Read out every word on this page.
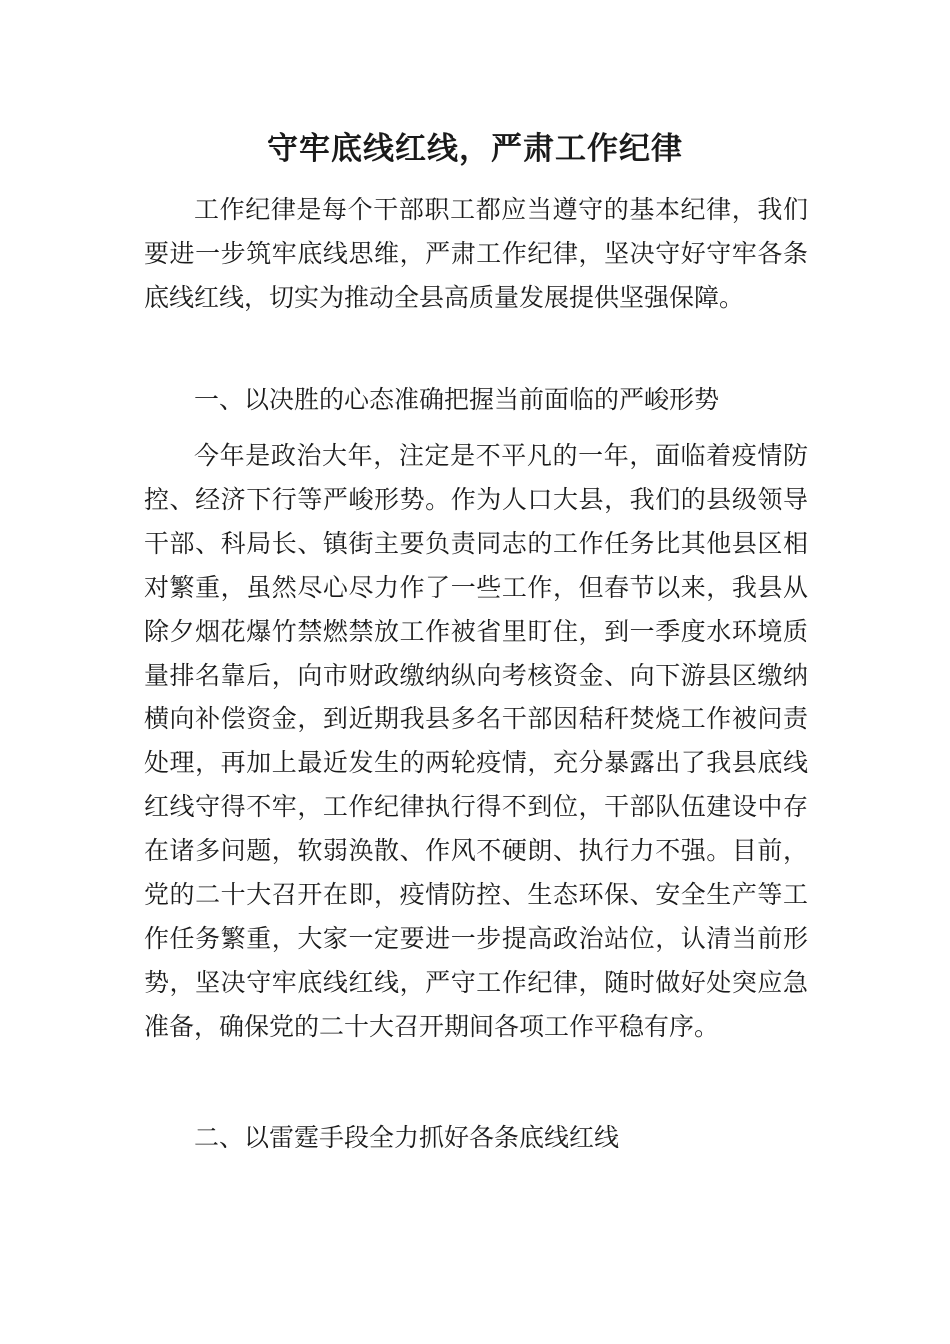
守牢底线红线，严肃工作纪律

工作纪律是每个干部职工都应当遵守的基本纪律，我们要进一步筑牢底线思维，严肃工作纪律，坚决守好守牢各条底线红线，切实为推动全县高质量发展提供坚强保障。

一、以决胜的心态准确把握当前面临的严峻形势

今年是政治大年，注定是不平凡的一年，面临着疫情防控、经济下行等严峻形势。作为人口大县，我们的县级领导干部、科局长、镇街主要负责同志的工作任务比其他县区相对繁重，虽然尽心尽力作了一些工作，但春节以来，我县从除夕烟花爆竹禁燃禁放工作被省里盯住，到一季度水环境质量排名靠后，向市财政缴纳纵向考核资金、向下游县区缴纳横向补偿资金，到近期我县多名干部因秸秆焚烧工作被问责处理，再加上最近发生的两轮疫情，充分暴露出了我县底线红线守得不牢，工作纪律执行得不到位，干部队伍建设中存在诸多问题，软弱涣散、作风不硬朗、执行力不强。目前，党的二十大召开在即，疫情防控、生态环保、安全生产等工作任务繁重，大家一定要进一步提高政治站位，认清当前形势，坚决守牢底线红线，严守工作纪律，随时做好处突应急准备，确保党的二十大召开期间各项工作平稳有序。

二、以雷霆手段全力抓好各条底线红线
